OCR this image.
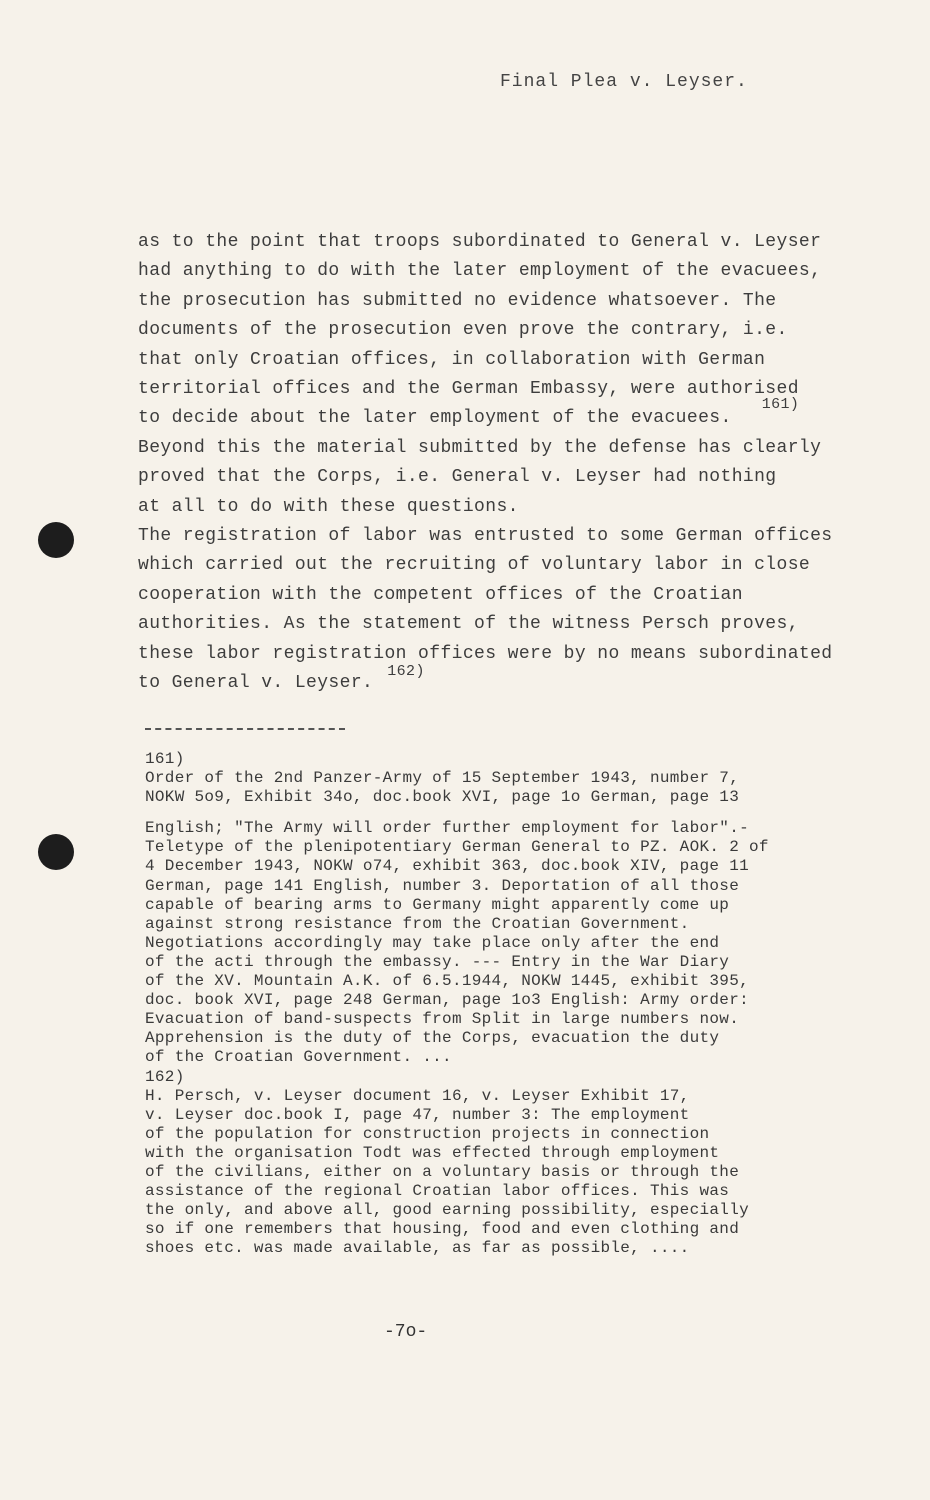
Final Plea v. Leyser.
as to the point that troops subordinated to General v. Leyser
had anything to do with the later employment of the evacuees,
the prosecution has submitted no evidence whatsoever. The
documents of the prosecution even prove the contrary, i.e.
that only Croatian offices, in collaboration with German
territorial offices and the German Embassy, were authorised
to decide about the later employment of the evacuees.$^{161)}$
Beyond this the material submitted by the defense has clearly
proved that the Corps, i.e. General v. Leyser had nothing
at all to do with these questions.
The registration of labor was entrusted to some German offices
which carried out the recruiting of voluntary labor in close
cooperation with the competent offices of the Croatian
authorities. As the statement of the witness Persch proves,
these labor registration offices were by no means subordinated
to General v. Leyser.$^{162)}$
161)
Order of the 2nd Panzer-Army of 15 September 1943, number 7,
NOKW 5o9, Exhibit 34o, doc.book XVI, page 1o German, page 13
English; "The Army will order further employment for labor".-
Teletype of the plenipotentiary German General to PZ. AOK. 2 of
4 December 1943, NOKW o74, exhibit 363, doc.book XIV, page 11
German, page 141 English, number 3. Deportation of all those
capable of bearing arms to Germany might apparently come up
against strong resistance from the Croatian Government.
Negotiations accordingly may take place only after the end
of the acti through the embassy. --- Entry in the War Diary
of the XV. Mountain A.K. of 6.5.1944, NOKW 1445, exhibit 395,
doc. book XVI, page 248 German, page 1o3 English: Army order:
Evacuation of band-suspects from Split in large numbers now.
Apprehension is the duty of the Corps, evacuation the duty
of the Croatian Government. ...
162)
H. Persch, v. Leyser document 16, v. Leyser Exhibit 17,
v. Leyser doc.book I, page 47, number 3: The employment
of the population for construction projects in connection
with the organisation Todt was effected through employment
of the civilians, either on a voluntary basis or through the
assistance of the regional Croatian labor offices. This was
the only, and above all, good earning possibility, especially
so if one remembers that housing, food and even clothing and
shoes etc. was made available, as far as possible, ....
-7o-
